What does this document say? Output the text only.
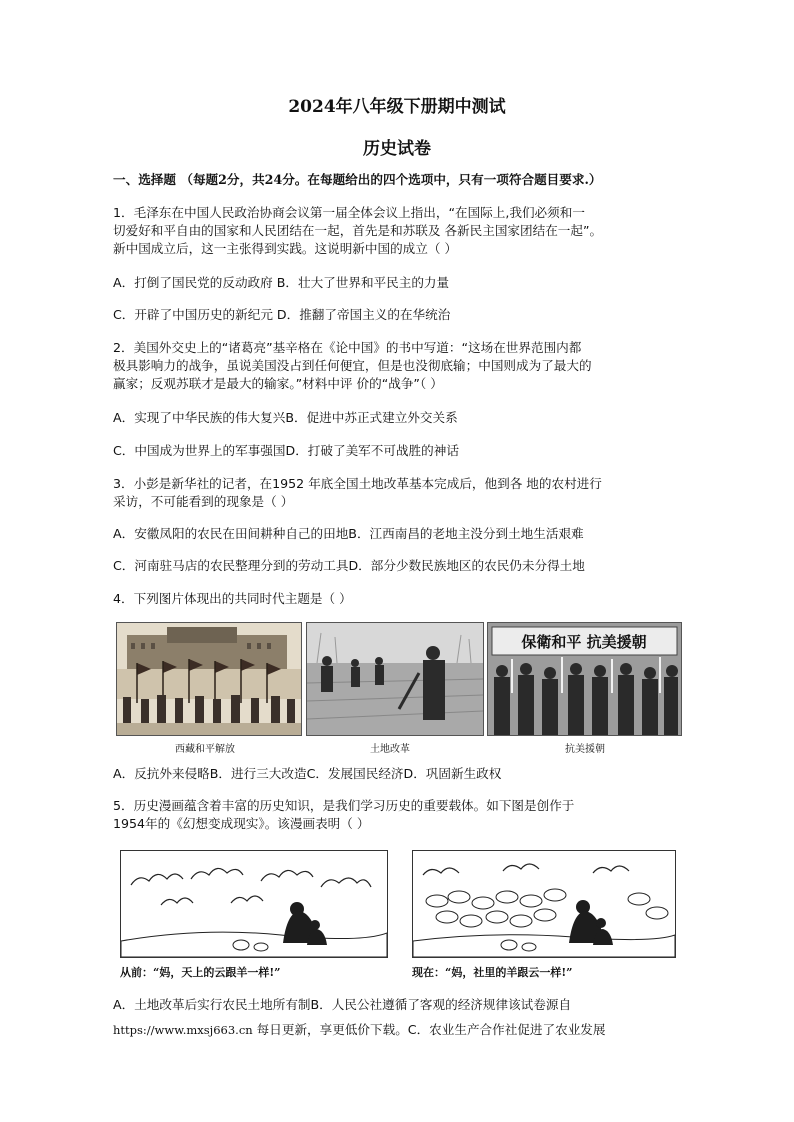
2024年八年级下册期中测试
历史试卷
一、选择题 （每题2分，共24分。在每题给出的四个选项中，只有一项符合题目要求.）
1．毛泽东在中国人民政治协商会议第一届全体会议上指出，“在国际上,我们必须和一
切爱好和平自由的国家和人民团结在一起，首先是和苏联及 各新民主国家团结在一起”。
新中国成立后，这一主张得到实践。这说明新中国的成立（ ）
A．打倒了国民党的反动政府 B．壮大了世界和平民主的力量
C．开辟了中国历史的新纪元 D．推翻了帝国主义的在华统治
2．美国外交史上的“诸葛亮”基辛格在《论中国》的书中写道：“这场在世界范围内都
极具影响力的战争，虽说美国没占到任何便宜，但是也没彻底输；中国则成为了最大的
赢家；反观苏联才是最大的输家。”材料中评 价的“战争”（ ）
A．实现了中华民族的伟大复兴B．促进中苏正式建立外交关系
C．中国成为世界上的军事强国D．打破了美军不可战胜的神话
3．小彭是新华社的记者，在1952 年底全国土地改革基本完成后，他到各 地的农村进行
采访，不可能看到的现象是（ ）
A．安徽凤阳的农民在田间耕种自己的田地B．江西南昌的老地主没分到土地生活艰难
C．河南驻马店的农民整理分到的劳动工具D．部分少数民族地区的农民仍未分得土地
4．下列图片体现出的共同时代主题是（ ）
保衛和平 抗美援朝
西藏和平解放	土地改革	抗美援朝
A．反抗外来侵略B．进行三大改造C．发展国民经济D．巩固新生政权
5．历史漫画蕴含着丰富的历史知识，是我们学习历史的重要载体。如下图是创作于
1954年的《幻想变成现实》。该漫画表明（ ）
从前：“妈，天上的云跟羊一样!”	现在：“妈，社里的羊跟云一样!”
A．土地改革后实行农民土地所有制B．人民公社遵循了客观的经济规律该试卷源自
https://www.mxsj663.cn 每日更新，享更低价下载。C．农业生产合作社促进了农业发展
